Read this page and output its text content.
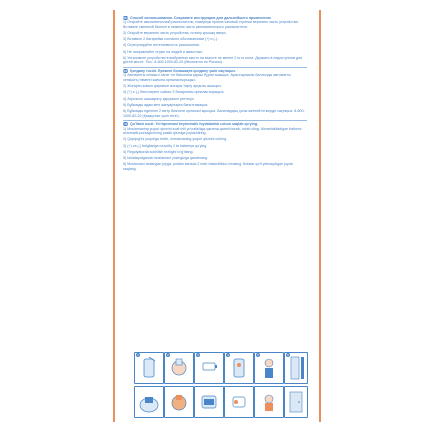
RU Способ использования. Сохраните инструкцию для дальнейшего применения

1) Откройте автоматический распылитель, повернув против часовой стрелки верхнюю часть устройства. Вставьте сменный баллон в нижнюю часть автоматического распылителя.

2) Откройте верхнюю часть устройства, потяну крышку вверх.

3) Вставьте 2 батарейки согласно обозначениям (+) и (-).

4) Отрегулируйте интенсивность распыления.

5) Не направляйте струю на людей и животных.

6) Установите устройство в выбранное место на высоте не менее 2 м от пола. Держать в недоступном для детей месте. Тел.: 8-800-1000-82-20 (бесплатно по России).

KZ Қолдану тәсілі. Ережені болашақта қолдану үшін сақтаңыз.

1) Автоматты сепкішті сағат тіл бағытына қарсы бұрап ашыңыз. Ауыстырмалы баллонды автоматты сепкіштің төменгі жағына орналастырыңыз.

2) Жоғарғы жағын қақпағын жоғары тарту арқылы ашыңыз.

3) (+) и (-) белгілеріне сәйкес 2 батареяны орналастырыңыз.

4) Аэрозоль шашырату қарқынын реттеңіз.

5) Бұйымды адам мен жануарларға бағыттамаңыз.

6) Бұйымды еденнен 2 метр биіктікте орналастырыңыз. Балалардың қолы жетпейтін жерде сақтаңыз. 8-800-1000-82-20 (Қазақстан үшін тегін).

UZ Qo'llash usuli. Yo'riqnomani keyinchalik foydalanish uchun saqlab qo'ying.

1) Moslamaning yuqori qismini soat mili yo'nalishiga qarama-qarshi burab, ochib oling. Almashtiriladigan ballonni avtomatik purkagichning pastki qismiga joylashtiring.

2) Qopqog'ini yuqoriga tortib, moslamaning yuqori qismini oching.

3) (+) va (-) belgilariga muvofiq 2 ta batareya qo'ying.

4) Regulyatorda sochilish tezligini to'g'rilang.

5) Ishlatayotganda moslamani yuzingizga qaratmang.

6) Moslamani tanlangan joyga, poldan kamida 2 metr balandlikka o'rnating. Bolalar qo'li yetmaydigan joyda saqlang.

1	2	3	4	5	6
